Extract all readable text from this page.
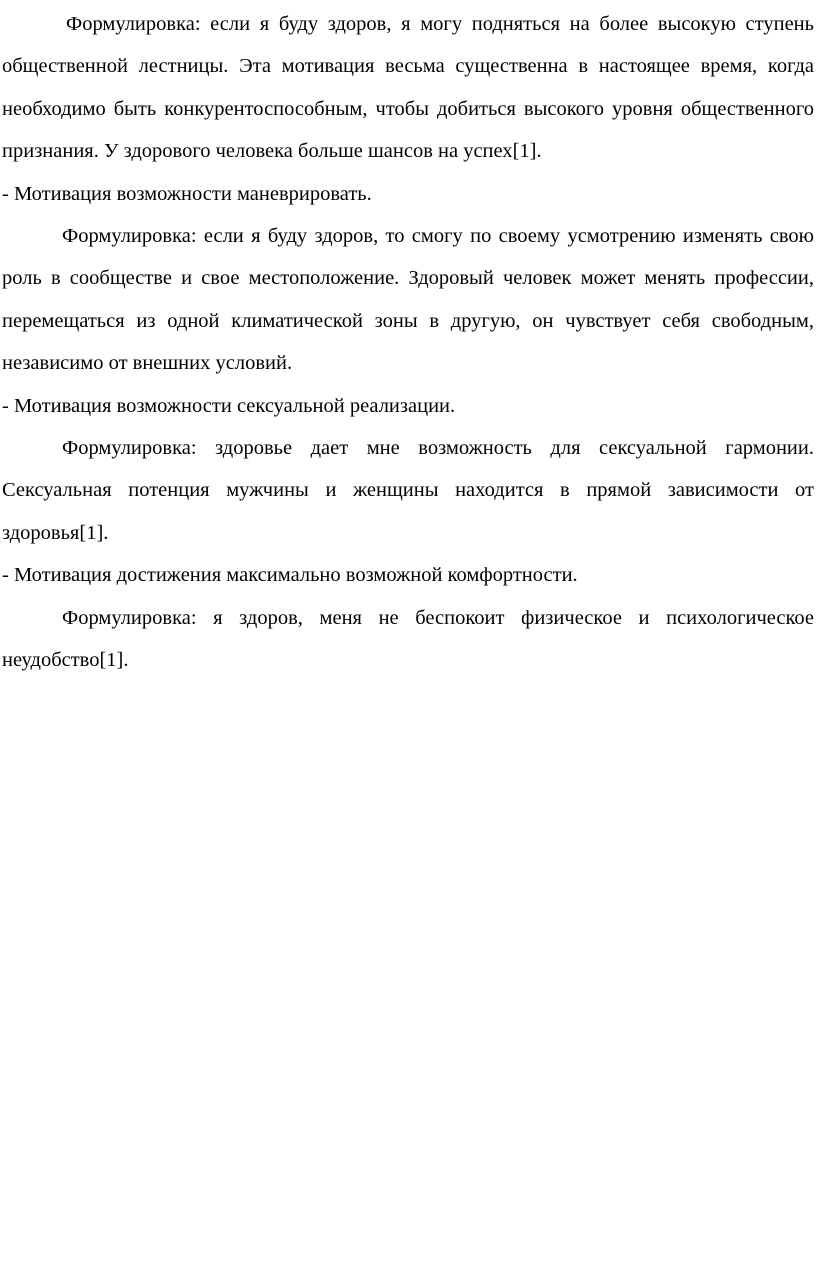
Формулировка: если я буду здоров, я могу подняться на более высокую ступень общественной лестницы. Эта мотивация весьма существенна в настоящее время, когда необходимо быть конкурентоспособным, чтобы добиться высокого уровня общественного признания. У здорового человека больше шансов на успех[1].

- Мотивация возможности маневрировать.

Формулировка: если я буду здоров, то смогу по своему усмотрению изменять свою роль в сообществе и свое местоположение. Здоровый человек может менять профессии, перемещаться из одной климатической зоны в другую, он чувствует себя свободным, независимо от внешних условий.

- Мотивация возможности сексуальной реализации.

Формулировка: здоровье дает мне возможность для сексуальной гармонии. Сексуальная потенция мужчины и женщины находится в прямой зависимости от здоровья[1].

- Мотивация достижения максимально возможной комфортности.

Формулировка: я здоров, меня не беспокоит физическое и психологическое неудобство[1].
